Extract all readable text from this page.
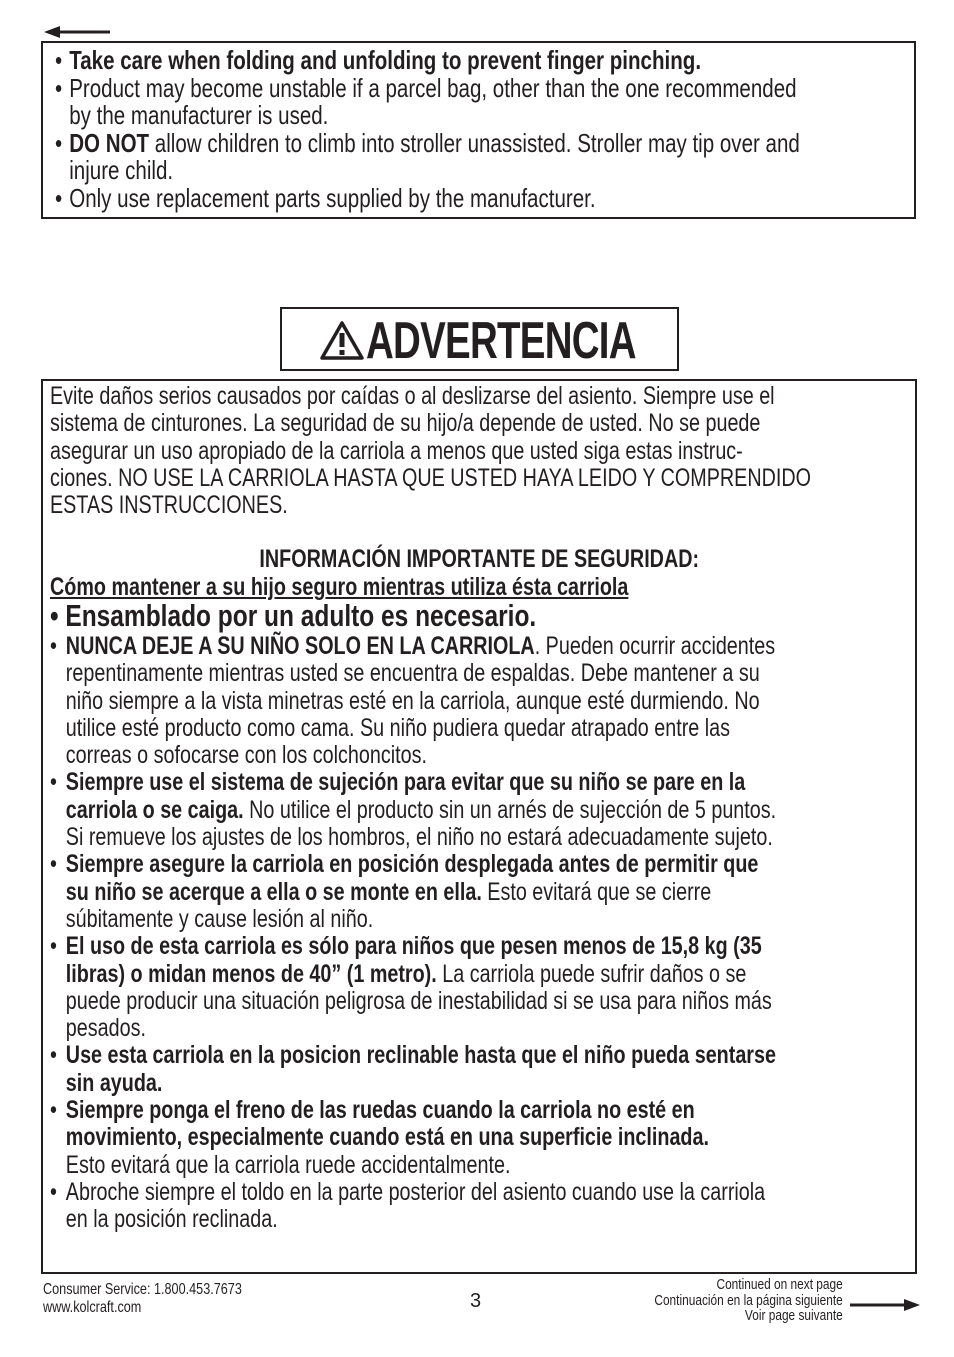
• Take care when folding and unfolding to prevent finger pinching.
• Product may become unstable if a parcel bag, other than the one recommended
by the manufacturer is used.
• DO NOT allow children to climb into stroller unassisted. Stroller may tip over and
injure child.
• Only use replacement parts supplied by the manufacturer.
ADVERTENCIA
Evite daños serios causados por caídas o al deslizarse del asiento. Siempre use el
sistema de cinturones. La seguridad de su hijo/a depende de usted. No se puede
asegurar un uso apropiado de la carriola a menos que usted siga estas instruc-
ciones. NO USE LA CARRIOLA HASTA QUE USTED HAYA LEIDO Y COMPRENDIDO
ESTAS INSTRUCCIONES.
INFORMACIÓN IMPORTANTE DE SEGURIDAD:
Cómo mantener a su hijo seguro mientras utiliza ésta carriola
• Ensamblado por un adulto es necesario.
• NUNCA DEJE A SU NIÑO SOLO EN LA CARRIOLA. Pueden ocurrir accidentes
repentinamente mientras usted se encuentra de espaldas. Debe mantener a su
niño siempre a la vista minetras esté en la carriola, aunque esté durmiendo. No
utilice esté producto como cama. Su niño pudiera quedar atrapado entre las
correas o sofocarse con los colchoncitos.
• Siempre use el sistema de sujeción para evitar que su niño se pare en la
carriola o se caiga. No utilice el producto sin un arnés de sujección de 5 puntos.
Si remueve los ajustes de los hombros, el niño no estará adecuadamente sujeto.
• Siempre asegure la carriola en posición desplegada antes de permitir que
su niño se acerque a ella o se monte en ella. Esto evitará que se cierre
súbitamente y cause lesión al niño.
• El uso de esta carriola es sólo para niños que pesen menos de 15,8 kg (35
libras) o midan menos de 40” (1 metro). La carriola puede sufrir daños o se
puede producir una situación peligrosa de inestabilidad si se usa para niños más
pesados.
• Use esta carriola en la posicion reclinable hasta que el niño pueda sentarse
sin ayuda.
• Siempre ponga el freno de las ruedas cuando la carriola no esté en
movimiento, especialmente cuando está en una superficie inclinada.
Esto evitará que la carriola ruede accidentalmente.
• Abroche siempre el toldo en la parte posterior del asiento cuando use la carriola
en la posición reclinada.
Consumer Service: 1.800.453.7673
www.kolcraft.com	3
Continued on next page
Continuación en la página siguiente
Voir page suivante
